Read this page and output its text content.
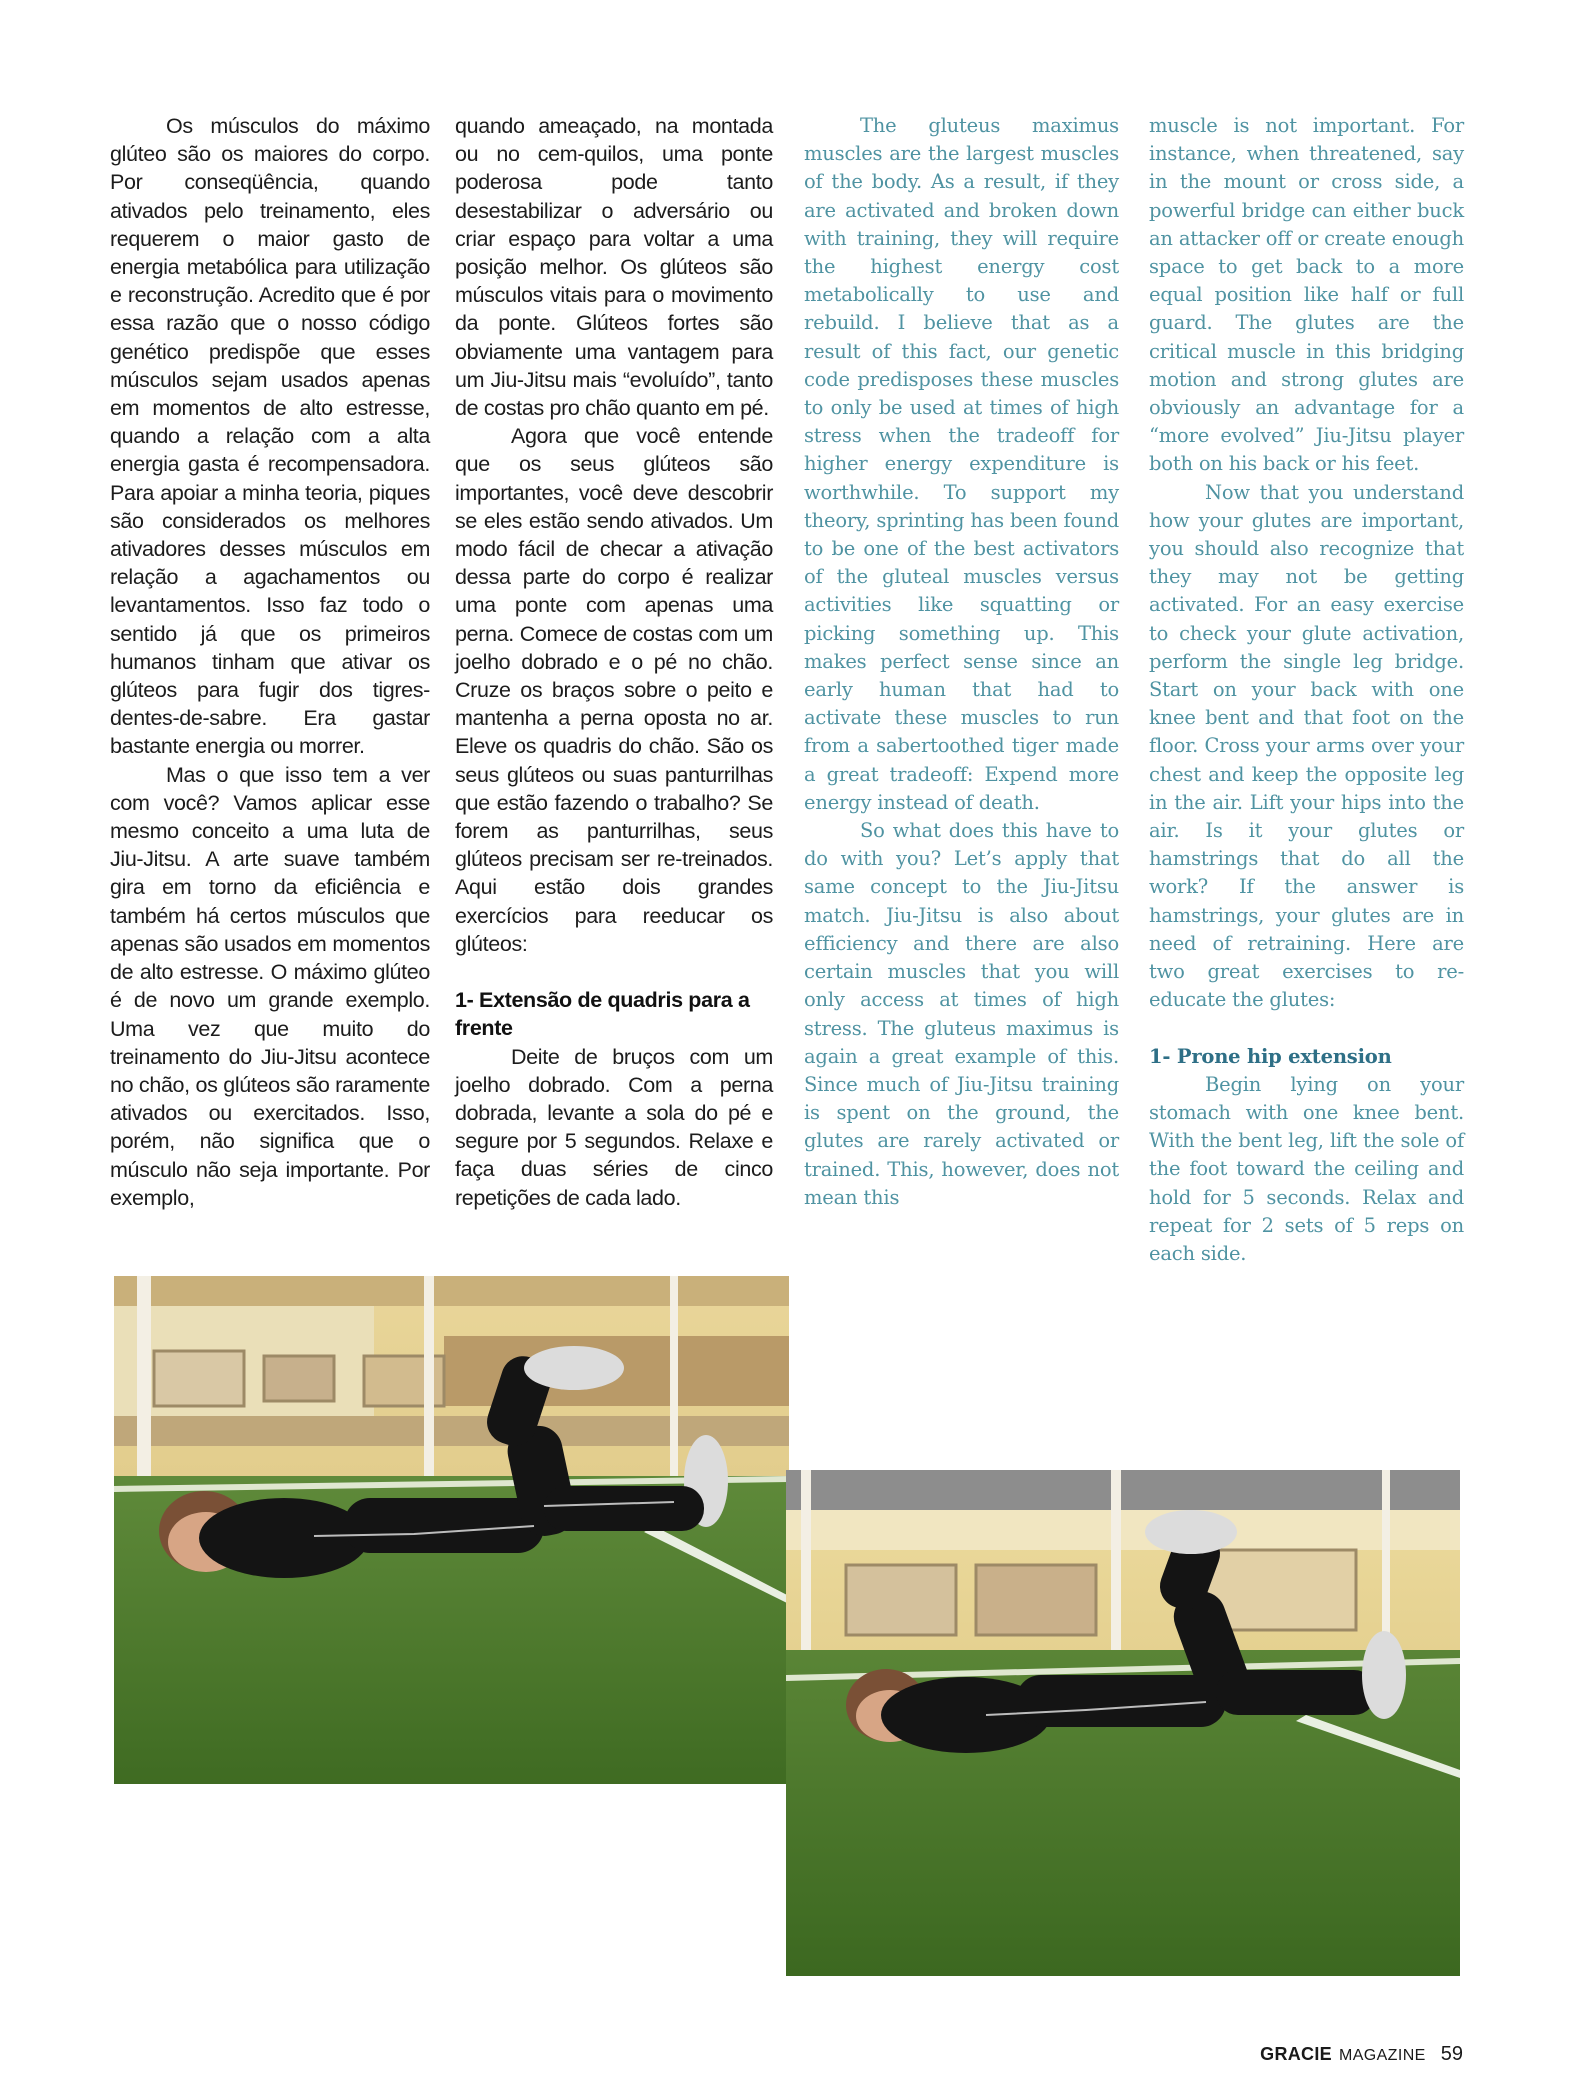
Os músculos do máximo glúteo são os maiores do corpo. Por conseqüência, quando ativados pelo treinamento, eles requerem o maior gasto de energia metabólica para utilização e reconstrução. Acredito que é por essa razão que o nosso código genético predispõe que esses músculos sejam usados apenas em momentos de alto estresse, quando a relação com a alta energia gasta é recompensadora. Para apoiar a minha teoria, piques são considerados os melhores ativadores desses músculos em relação a agachamentos ou levantamentos. Isso faz todo o sentido já que os primeiros humanos tinham que ativar os glúteos para fugir dos tigres-dentes-de-sabre. Era gastar bastante energia ou morrer.

Mas o que isso tem a ver com você? Vamos aplicar esse mesmo conceito a uma luta de Jiu-Jitsu. A arte suave também gira em torno da eficiência e também há certos músculos que apenas são usados em momentos de alto estresse. O máximo glúteo é de novo um grande exemplo. Uma vez que muito do treinamento do Jiu-Jitsu acontece no chão, os glúteos são raramente ativados ou exercitados. Isso, porém, não significa que o músculo não seja importante. Por exemplo,

quando ameaçado, na montada ou no cem-quilos, uma ponte poderosa pode tanto desestabilizar o adversário ou criar espaço para voltar a uma posição melhor. Os glúteos são músculos vitais para o movimento da ponte. Glúteos fortes são obviamente uma vantagem para um Jiu-Jitsu mais “evoluído”, tanto de costas pro chão quanto em pé.

Agora que você entende que os seus glúteos são importantes, você deve descobrir se eles estão sendo ativados. Um modo fácil de checar a ativação dessa parte do corpo é realizar uma ponte com apenas uma perna. Comece de costas com um joelho dobrado e o pé no chão. Cruze os braços sobre o peito e mantenha a perna oposta no ar. Eleve os quadris do chão. São os seus glúteos ou suas panturrilhas que estão fazendo o trabalho? Se forem as panturrilhas, seus glúteos precisam ser re-treinados. Aqui estão dois grandes exercícios para reeducar os glúteos:

1- Extensão de quadris para a frente

Deite de bruços com um joelho dobrado. Com a perna dobrada, levante a sola do pé e segure por 5 segundos. Relaxe e faça duas séries de cinco repetições de cada lado.

The gluteus maximus muscles are the largest muscles of the body. As a result, if they are activated and broken down with training, they will require the highest energy cost metabolically to use and rebuild. I believe that as a result of this fact, our genetic code predisposes these muscles to only be used at times of high stress when the tradeoff for higher energy expenditure is worthwhile. To support my theory, sprinting has been found to be one of the best activators of the gluteal muscles versus activities like squatting or picking something up. This makes perfect sense since an early human that had to activate these muscles to run from a sabertoothed tiger made a great tradeoff: Expend more energy instead of death.

So what does this have to do with you? Let’s apply that same concept to the Jiu-Jitsu match. Jiu-Jitsu is also about efficiency and there are also certain muscles that you will only access at times of high stress. The gluteus maximus is again a great example of this. Since much of Jiu-Jitsu training is spent on the ground, the glutes are rarely activated or trained. This, however, does not mean this

muscle is not important. For instance, when threatened, say in the mount or cross side, a powerful bridge can either buck an attacker off or create enough space to get back to a more equal position like half or full guard. The glutes are the critical muscle in this bridging motion and strong glutes are obviously an advantage for a “more evolved” Jiu-Jitsu player both on his back or his feet.

Now that you understand how your glutes are important, you should also recognize that they may not be getting activated. For an easy exercise to check your glute activation, perform the single leg bridge. Start on your back with one knee bent and that foot on the floor. Cross your arms over your chest and keep the opposite leg in the air. Lift your hips into the air. Is it your glutes or hamstrings that do all the work? If the answer is hamstrings, your glutes are in need of retraining. Here are two great exercises to re-educate the glutes:

1- Prone hip extension

Begin lying on your stomach with one knee bent. With the bent leg, lift the sole of the foot toward the ceiling and hold for 5 seconds. Relax and repeat for 2 sets of 5 reps on each side.

GRACIE MAGAZINE 59
